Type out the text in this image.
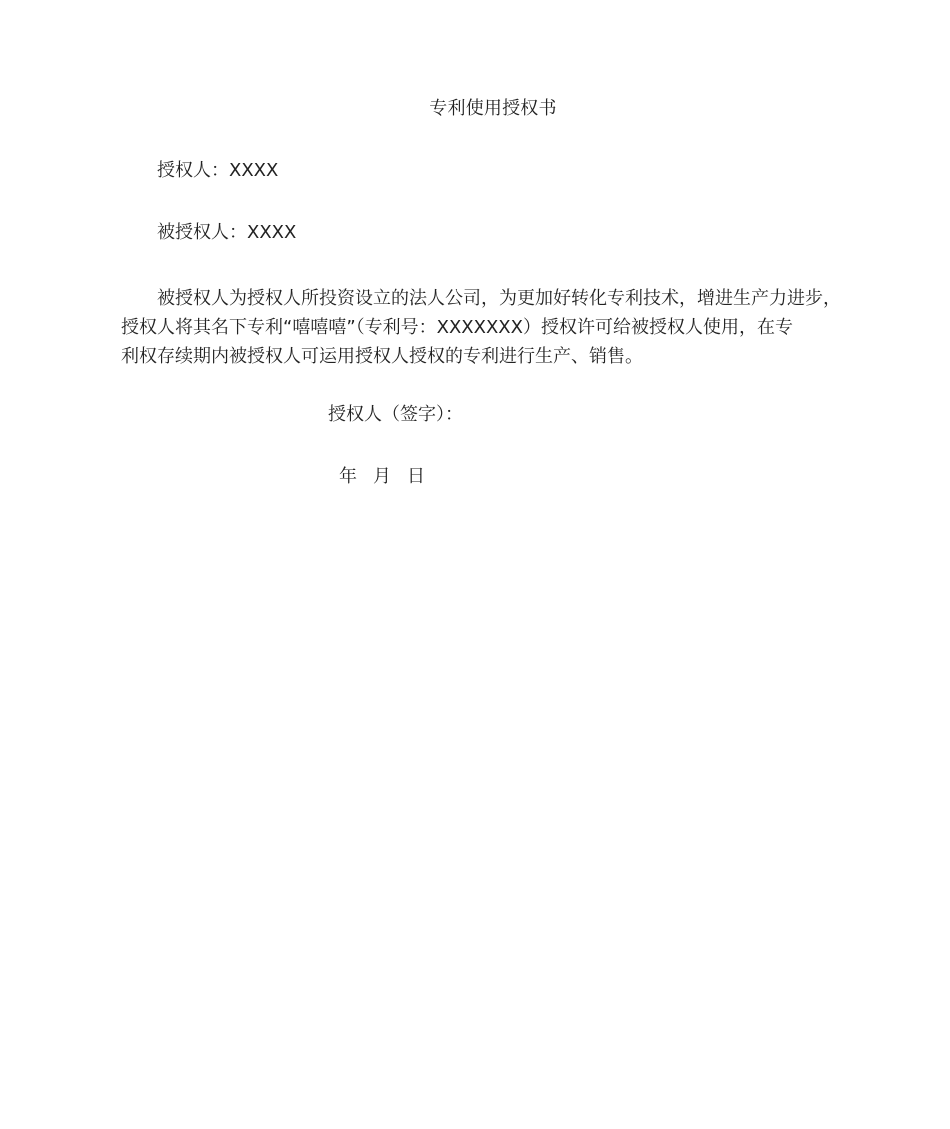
专利使用授权书
授权人：XXXX
被授权人：XXXX
被授权人为授权人所投资设立的法人公司，为更加好转化专利技术，增进生产力进步，
授权人将其名下专利“嘻嘻嘻”（专利号：XXXXXXX）授权许可给被授权人使用，在专
利权存续期内被授权人可运用授权人授权的专利进行生产、销售。
授权人（签字）：
年 月 日
